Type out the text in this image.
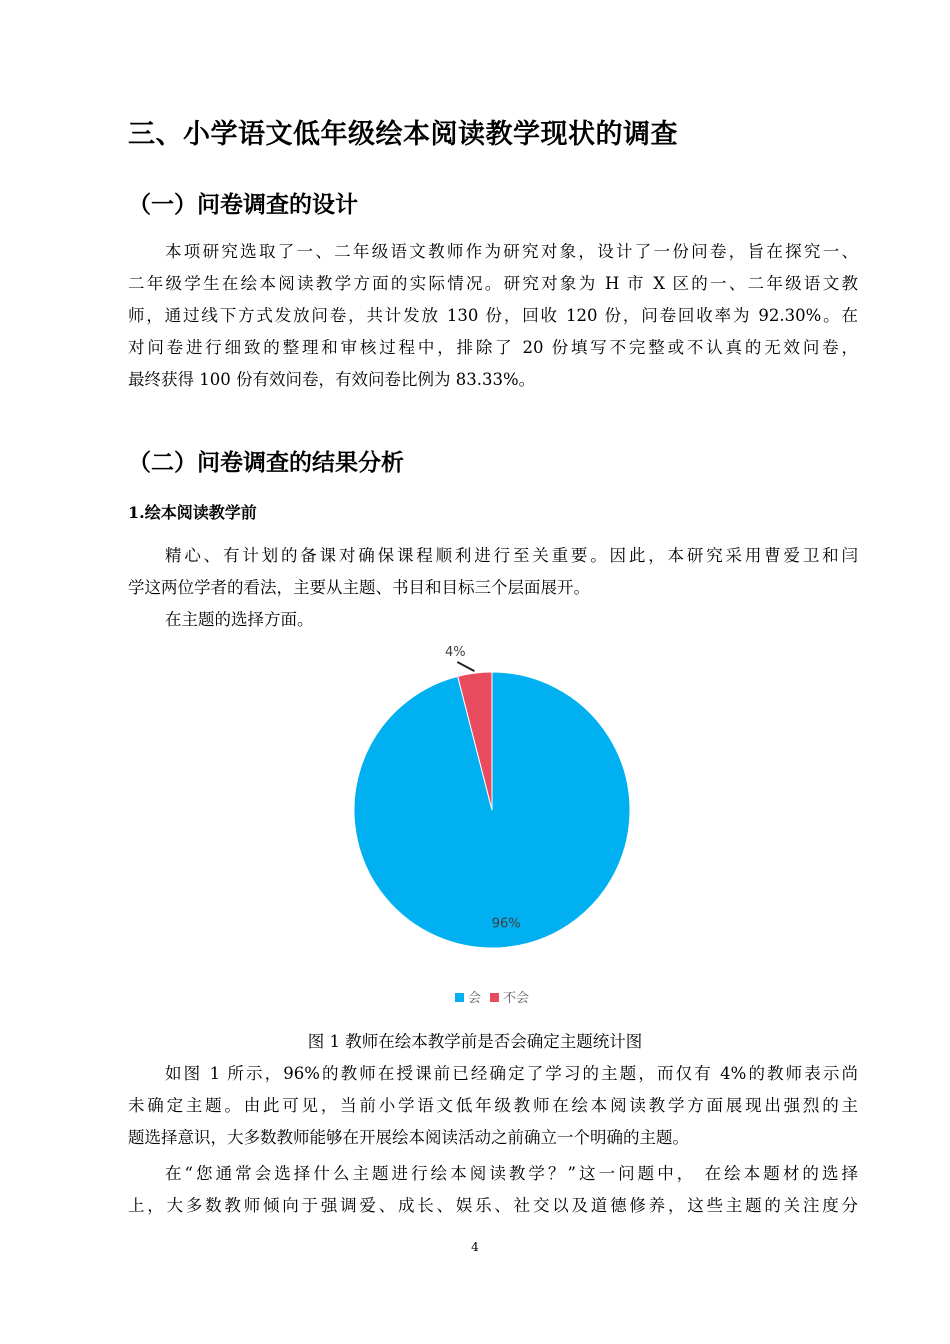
三、小学语文低年级绘本阅读教学现状的调查
（一）问卷调查的设计
本项研究选取了一、二年级语文教师作为研究对象，设计了一份问卷，旨在探究一、
二年级学生在绘本阅读教学方面的实际情况。研究对象为 H 市 X 区的一、二年级语文教
师，通过线下方式发放问卷，共计发放 130 份，回收 120 份，问卷回收率为 92.30%。在
对问卷进行细致的整理和审核过程中，排除了 20 份填写不完整或不认真的无效问卷，
最终获得 100 份有效问卷，有效问卷比例为 83.33%。
（二）问卷调查的结果分析
1.绘本阅读教学前
精心、有计划的备课对确保课程顺利进行至关重要。因此，本研究采用曹爱卫和闫
学这两位学者的看法，主要从主题、书目和目标三个层面展开。
在主题的选择方面。
96%
4%
会 不会
图 1 教师在绘本教学前是否会确定主题统计图
如图 1 所示，96%的教师在授课前已经确定了学习的主题，而仅有 4%的教师表示尚
未确定主题。由此可见，当前小学语文低年级教师在绘本阅读教学方面展现出强烈的主
题选择意识，大多数教师能够在开展绘本阅读活动之前确立一个明确的主题。
在“您通常会选择什么主题进行绘本阅读教学？”这一问题中， 在绘本题材的选择
上，大多数教师倾向于强调爱、成长、娱乐、社交以及道德修养，这些主题的关注度分
4
